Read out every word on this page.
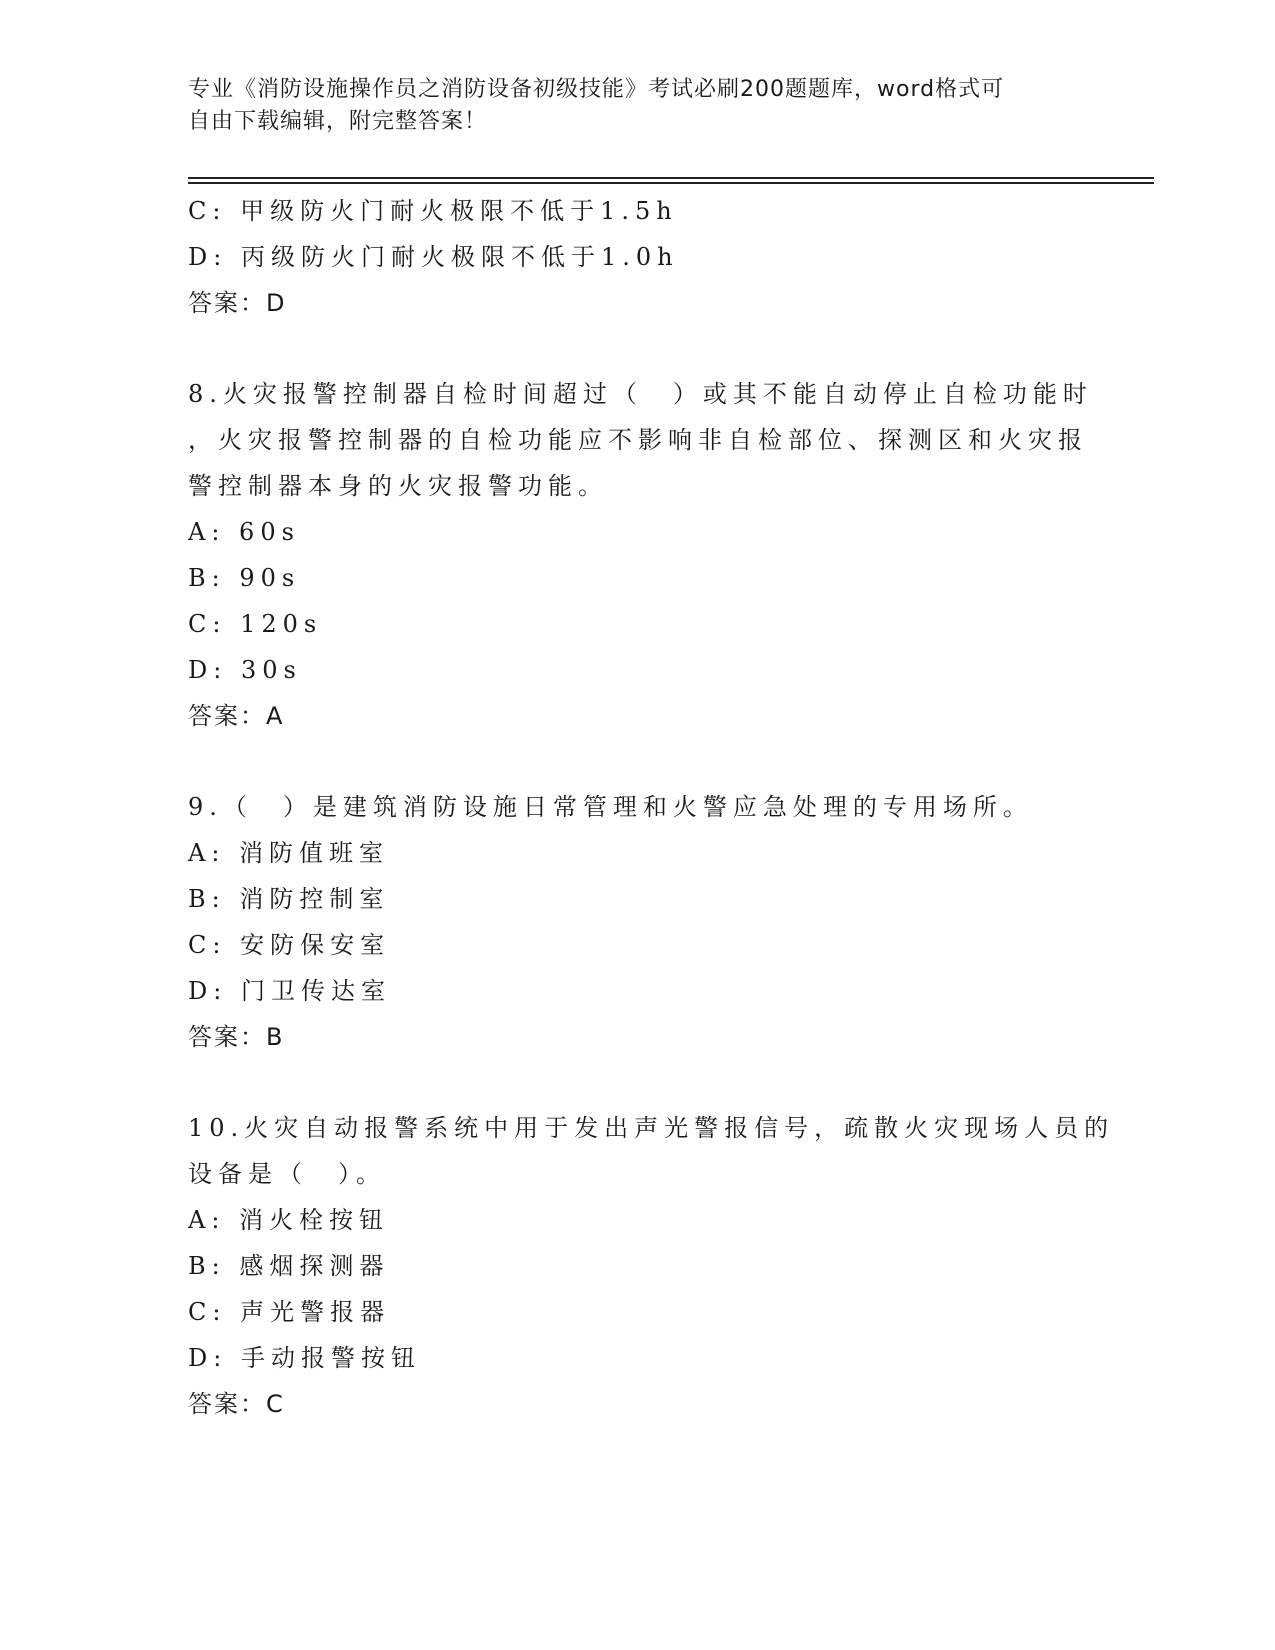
专业《消防设施操作员之消防设备初级技能》考试必刷200题题库，word格式可
自由下载编辑，附完整答案！
C: 甲级防火门耐火极限不低于1.5h
D: 丙级防火门耐火极限不低于1.0h
答案：D
8.火灾报警控制器自检时间超过（　）或其不能自动停止自检功能时
，火灾报警控制器的自检功能应不影响非自检部位、探测区和火灾报
警控制器本身的火灾报警功能。
A: 60s
B: 90s
C: 120s
D: 30s
答案：A
9.（　）是建筑消防设施日常管理和火警应急处理的专用场所。
A: 消防值班室
B: 消防控制室
C: 安防保安室
D: 门卫传达室
答案：B
10.火灾自动报警系统中用于发出声光警报信号，疏散火灾现场人员的
设备是（　）。
A: 消火栓按钮
B: 感烟探测器
C: 声光警报器
D: 手动报警按钮
答案：C
